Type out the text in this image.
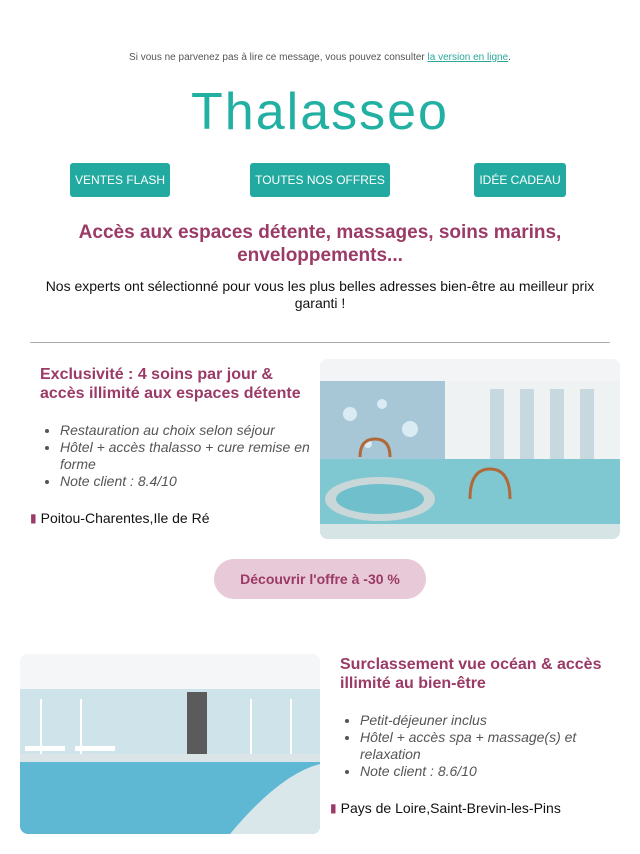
Si vous ne parvenez pas à lire ce message, vous pouvez consulter la version en ligne.
Thalasseo
VENTES FLASH	TOUTES NOS OFFRES	IDÉE CADEAU
Accès aux espaces détente, massages, soins marins, enveloppements...
Nos experts ont sélectionné pour vous les plus belles adresses bien-être au meilleur prix garanti !
Exclusivité : 4 soins par jour & accès illimité aux espaces détente
• Restauration au choix selon séjour
• Hôtel + accès thalasso + cure remise en forme
• Note client : 8.4/10
▮ Poitou-Charentes,Ile de Ré
Découvrir l'offre à -30 %
Surclassement vue océan & accès illimité au bien-être
• Petit-déjeuner inclus
• Hôtel + accès spa + massage(s) et relaxation
• Note client : 8.6/10
▮ Pays de Loire,Saint-Brevin-les-Pins
